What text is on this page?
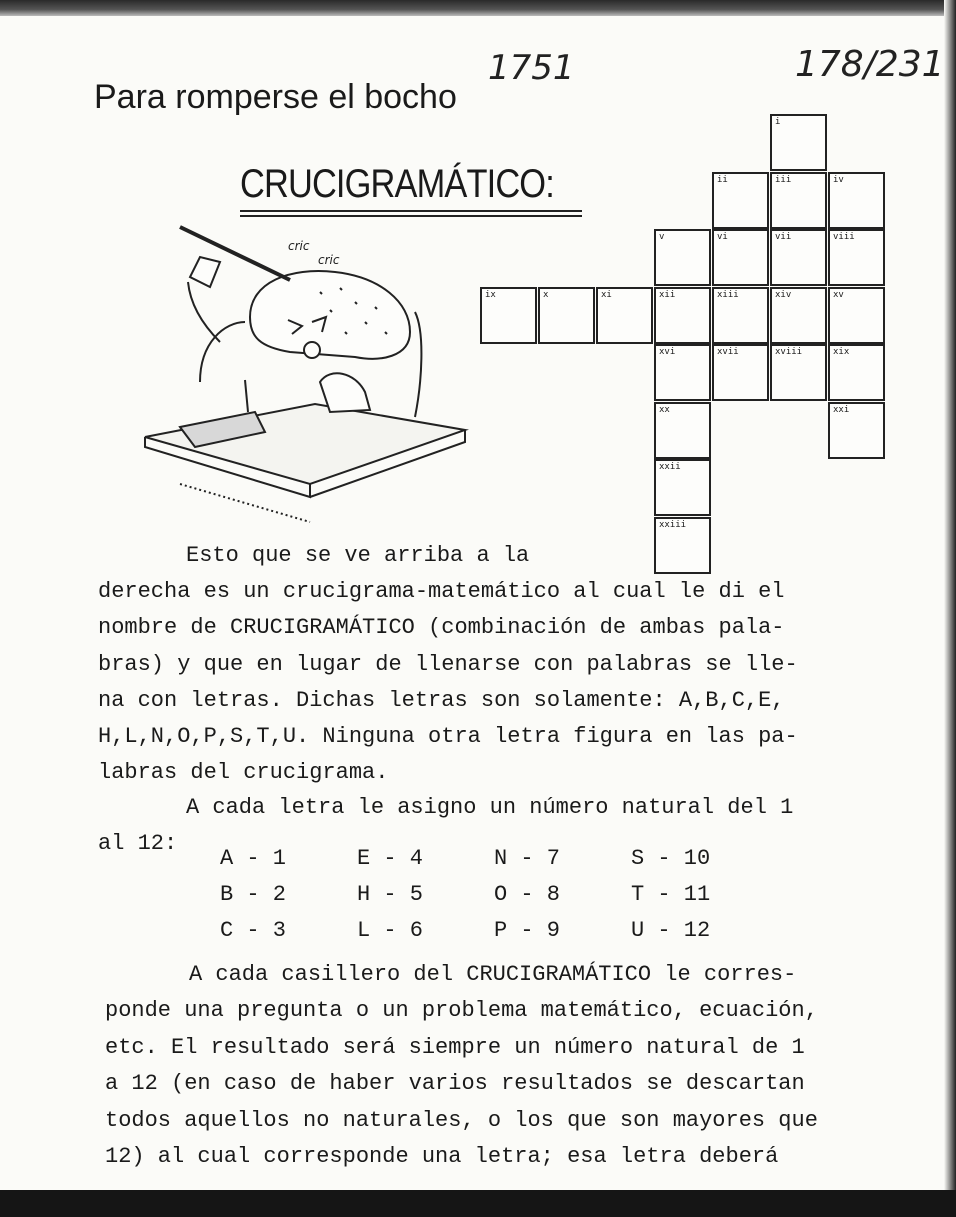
1751	178/231
Para romperse el bocho
CRUCIGRAMÁTICO:
cric
cric
i
ii	iii	iv
v	vi	vii	viii
ix	x	xi	xii	xiii	xiv	xv
xvi	xvii	xviii	xix
xx	xxi
xxii
xxiii
Esto que se ve arriba a la
derecha es un crucigrama-matemático al cual le di el
nombre de CRUCIGRAMÁTICO (combinación de ambas pala-
bras) y que en lugar de llenarse con palabras se lle-
na con letras. Dichas letras son solamente: A,B,C,E,
H,L,N,O,P,S,T,U. Ninguna otra letra figura en las pa-
labras del crucigrama.
A cada letra le asigno un número natural del 1
al 12:
A - 1	E - 4	N - 7	S - 10
B - 2	H - 5	O - 8	T - 11
C - 3	L - 6	P - 9	U - 12
A cada casillero del CRUCIGRAMÁTICO le corres-
ponde una pregunta o un problema matemático, ecuación,
etc. El resultado será siempre un número natural de 1
a 12 (en caso de haber varios resultados se descartan
todos aquellos no naturales, o los que son mayores que
12) al cual corresponde una letra; esa letra deberá
